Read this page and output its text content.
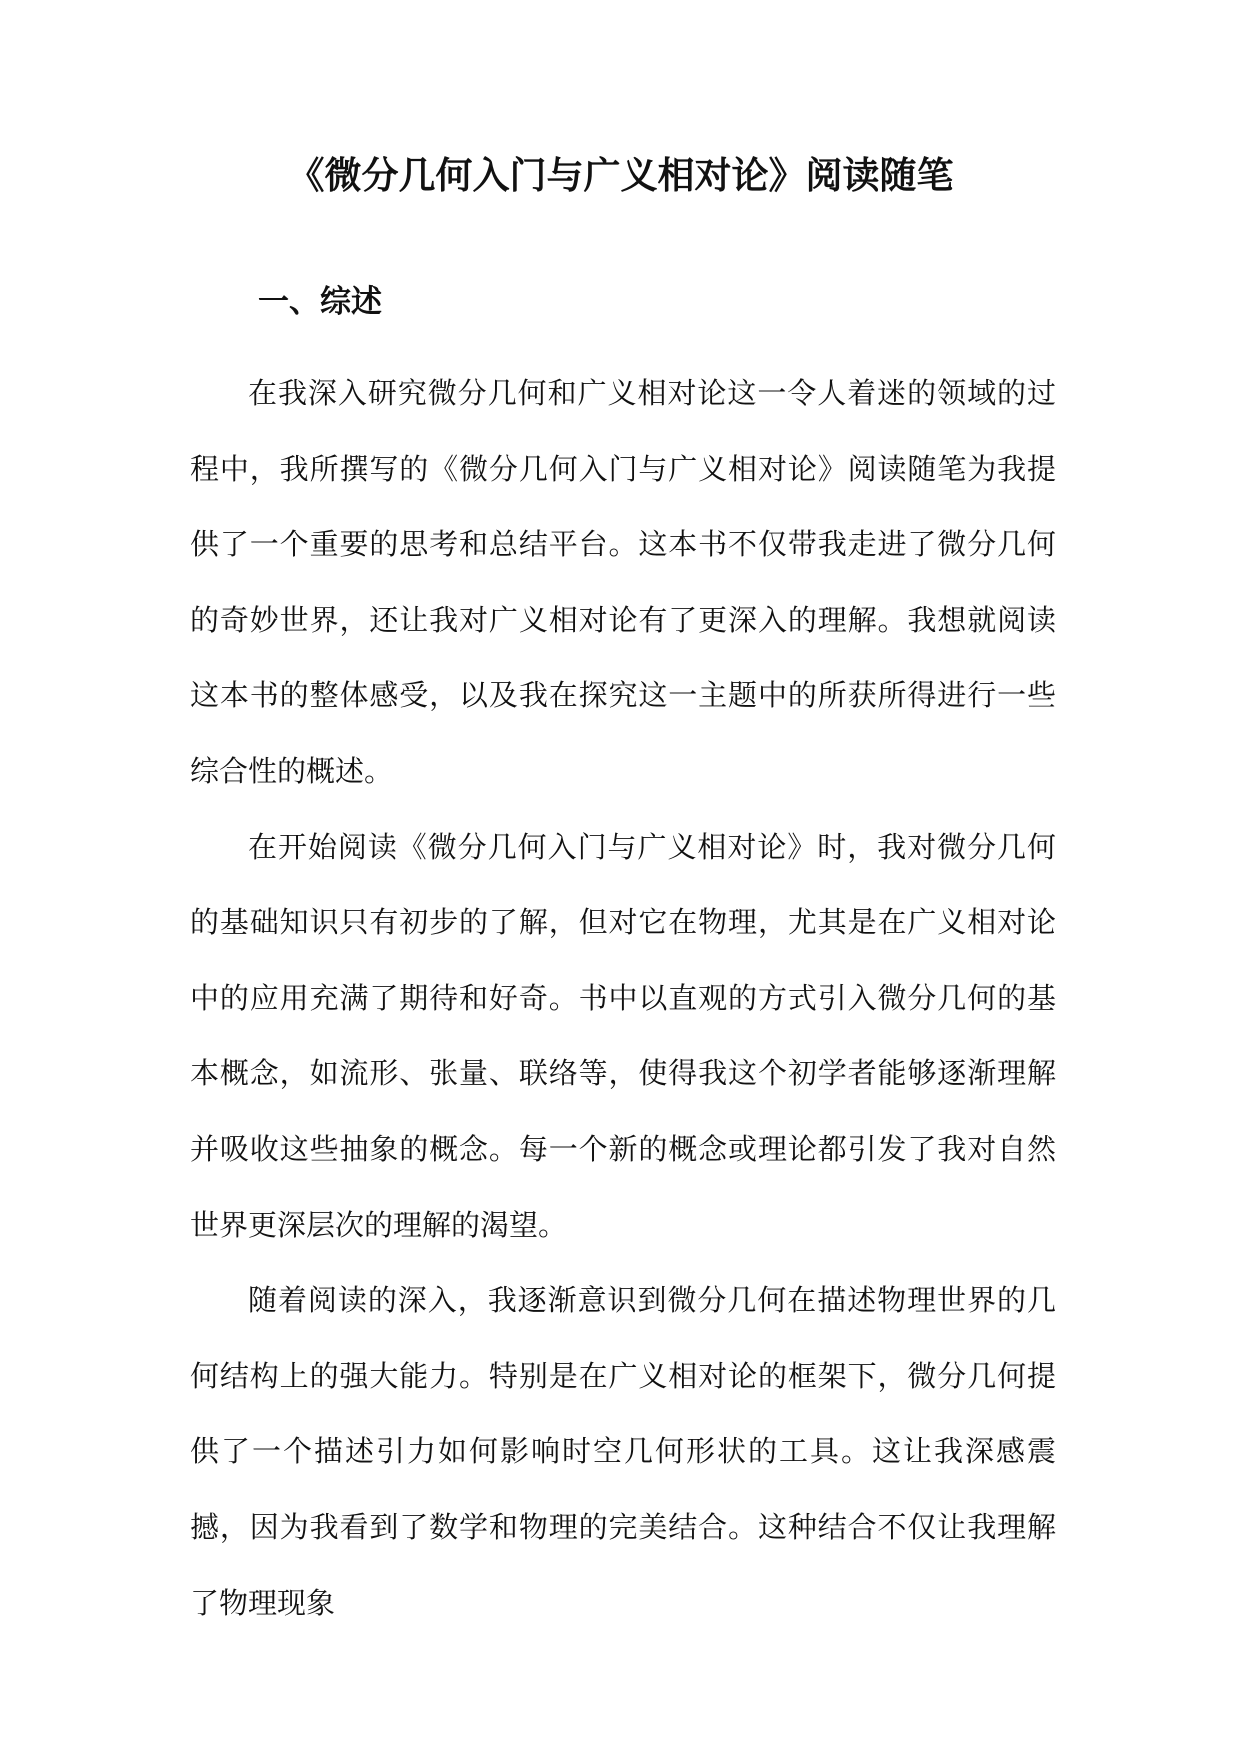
《微分几何入门与广义相对论》阅读随笔
一、综述

在我深入研究微分几何和广义相对论这一令人着迷的领域的过程中，我所撰写的《微分几何入门与广义相对论》阅读随笔为我提供了一个重要的思考和总结平台。这本书不仅带我走进了微分几何的奇妙世界，还让我对广义相对论有了更深入的理解。我想就阅读这本书的整体感受，以及我在探究这一主题中的所获所得进行一些综合性的概述。

在开始阅读《微分几何入门与广义相对论》时，我对微分几何的基础知识只有初步的了解，但对它在物理，尤其是在广义相对论中的应用充满了期待和好奇。书中以直观的方式引入微分几何的基本概念，如流形、张量、联络等，使得我这个初学者能够逐渐理解并吸收这些抽象的概念。每一个新的概念或理论都引发了我对自然世界更深层次的理解的渴望。

随着阅读的深入，我逐渐意识到微分几何在描述物理世界的几何结构上的强大能力。特别是在广义相对论的框架下，微分几何提供了一个描述引力如何影响时空几何形状的工具。这让我深感震撼，因为我看到了数学和物理的完美结合。这种结合不仅让我理解了物理现象
